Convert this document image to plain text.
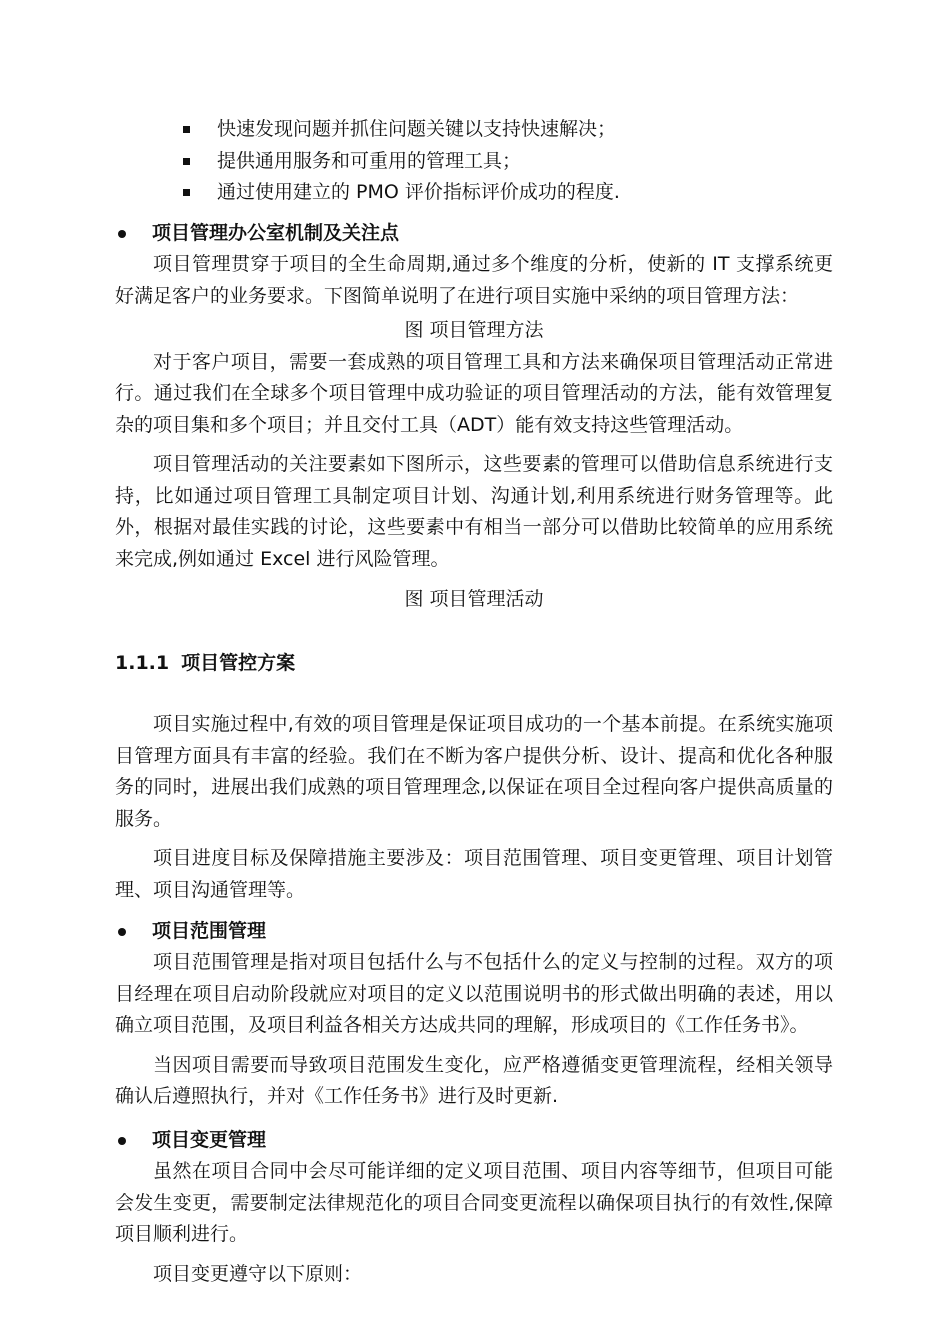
快速发现问题并抓住问题关键以支持快速解决；
提供通用服务和可重用的管理工具；
通过使用建立的 PMO 评价指标评价成功的程度.
项目管理办公室机制及关注点

项目管理贯穿于项目的全生命周期,通过多个维度的分析，使新的 IT 支撑系统更好满足客户的业务要求。下图简单说明了在进行项目实施中采纳的项目管理方法：

图 项目管理方法

对于客户项目，需要一套成熟的项目管理工具和方法来确保项目管理活动正常进行。通过我们在全球多个项目管理中成功验证的项目管理活动的方法，能有效管理复杂的项目集和多个项目；并且交付工具（ADT）能有效支持这些管理活动。

项目管理活动的关注要素如下图所示，这些要素的管理可以借助信息系统进行支持，比如通过项目管理工具制定项目计划、沟通计划,利用系统进行财务管理等。此外，根据对最佳实践的讨论，这些要素中有相当一部分可以借助比较简单的应用系统来完成,例如通过 Excel 进行风险管理。

图 项目管理活动

1.1.1 项目管控方案

项目实施过程中,有效的项目管理是保证项目成功的一个基本前提。在系统实施项目管理方面具有丰富的经验。我们在不断为客户提供分析、设计、提高和优化各种服务的同时，进展出我们成熟的项目管理理念,以保证在项目全过程向客户提供高质量的服务。

项目进度目标及保障措施主要涉及：项目范围管理、项目变更管理、项目计划管理、项目沟通管理等。

项目范围管理

项目范围管理是指对项目包括什么与不包括什么的定义与控制的过程。双方的项目经理在项目启动阶段就应对项目的定义以范围说明书的形式做出明确的表述，用以确立项目范围，及项目利益各相关方达成共同的理解，形成项目的《工作任务书》。

当因项目需要而导致项目范围发生变化，应严格遵循变更管理流程，经相关领导确认后遵照执行，并对《工作任务书》进行及时更新.

项目变更管理

虽然在项目合同中会尽可能详细的定义项目范围、项目内容等细节，但项目可能会发生变更，需要制定法律规范化的项目合同变更流程以确保项目执行的有效性,保障项目顺利进行。

项目变更遵守以下原则：
